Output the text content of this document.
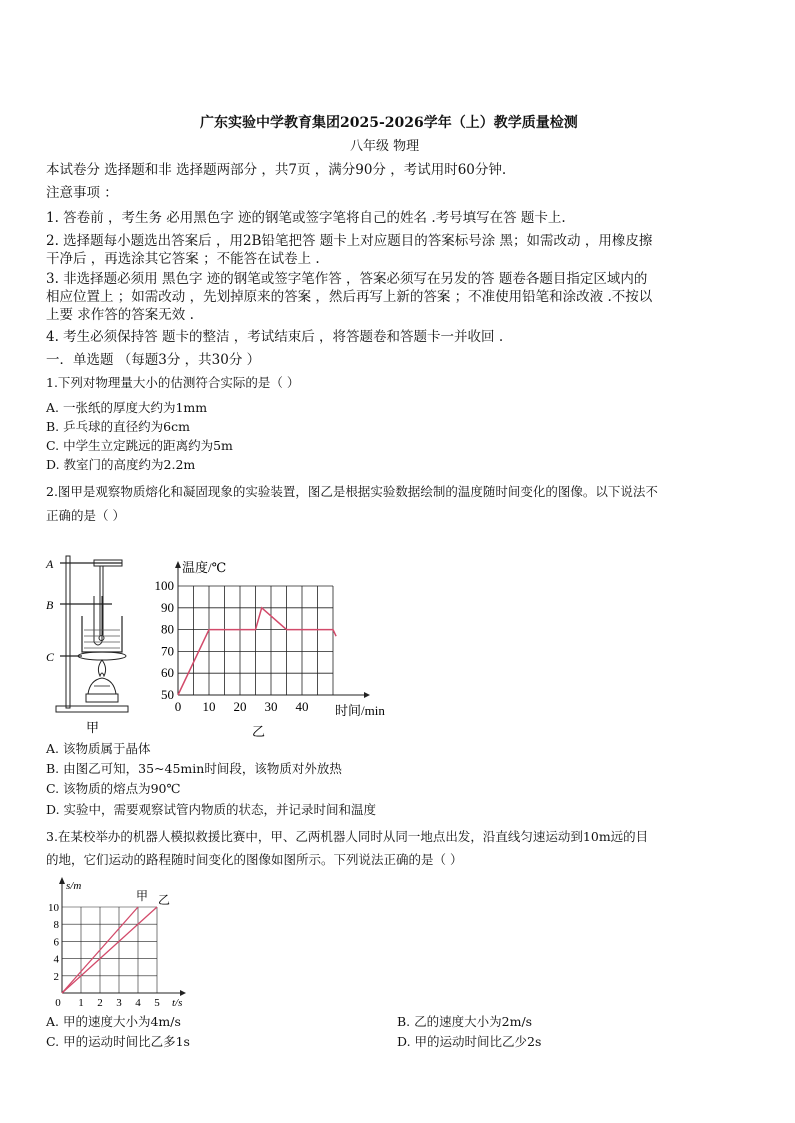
广东实验中学教育集团2025-2026学年（上）教学质量检测
八年级 物理
本试卷分 选择题和非 选择题两部分 ，共7页 ，满分90分 ，考试用时60分钟.
注意事项 ：
1. 答卷前 ，考生务 必用黑色字 迹的钢笔或签字笔将自己的姓名 .考号填写在答 题卡上.
2. 选择题每小题选出答案后 ，用2B铅笔把答 题卡上对应题目的答案标号涂 黑；如需改动 ，用橡皮擦
干净后 ，再选涂其它答案 ；不能答在试卷上 .
3. 非选择题必须用 黑色字 迹的钢笔或签字笔作答 ，答案必须写在另发的答 题卷各题目指定区域内的
相应位置上 ；如需改动 ，先划掉原来的答案 ，然后再写上新的答案 ；不准使用铅笔和涂改液 .不按以
上要 求作答的答案无效 .
4. 考生必须保持答 题卡的整洁 ，考试结束后 ，将答题卷和答题卡一并收回 .
一．单选题 （每题3分 ，共30分 ）
1.下列对物理量大小的估测符合实际的是（ ）
A. 一张纸的厚度大约为1mm
B. 乒乓球的直径约为6cm
C. 中学生立定跳远的距离约为5m
D. 教室门的高度约为2.2m
2.图甲是观察物质熔化和凝固现象的实验装置，图乙是根据实验数据绘制的温度随时间变化的图像。以下说法不
正确的是（ ）
A
B
C
甲
50
60
70
80
90
100
0 10 20 30 40
温度/℃
时间/min
乙
A. 该物质属于晶体
B. 由图乙可知，35~45min时间段，该物质对外放热
C. 该物质的熔点为90℃
D. 实验中，需要观察试管内物质的状态，并记录时间和温度
3.在某校举办的机器人模拟救援比赛中，甲、乙两机器人同时从同一地点出发，沿直线匀速运动到10m远的目
的地，它们运动的路程随时间变化的图像如图所示。下列说法正确的是（ ）
2
4
6
8
10
0 1 2 3 4 5
s/m
t/s
甲 乙
A. 甲的速度大小为4m/s	B. 乙的速度大小为2m/s
C. 甲的运动时间比乙多1s	D. 甲的运动时间比乙少2s
